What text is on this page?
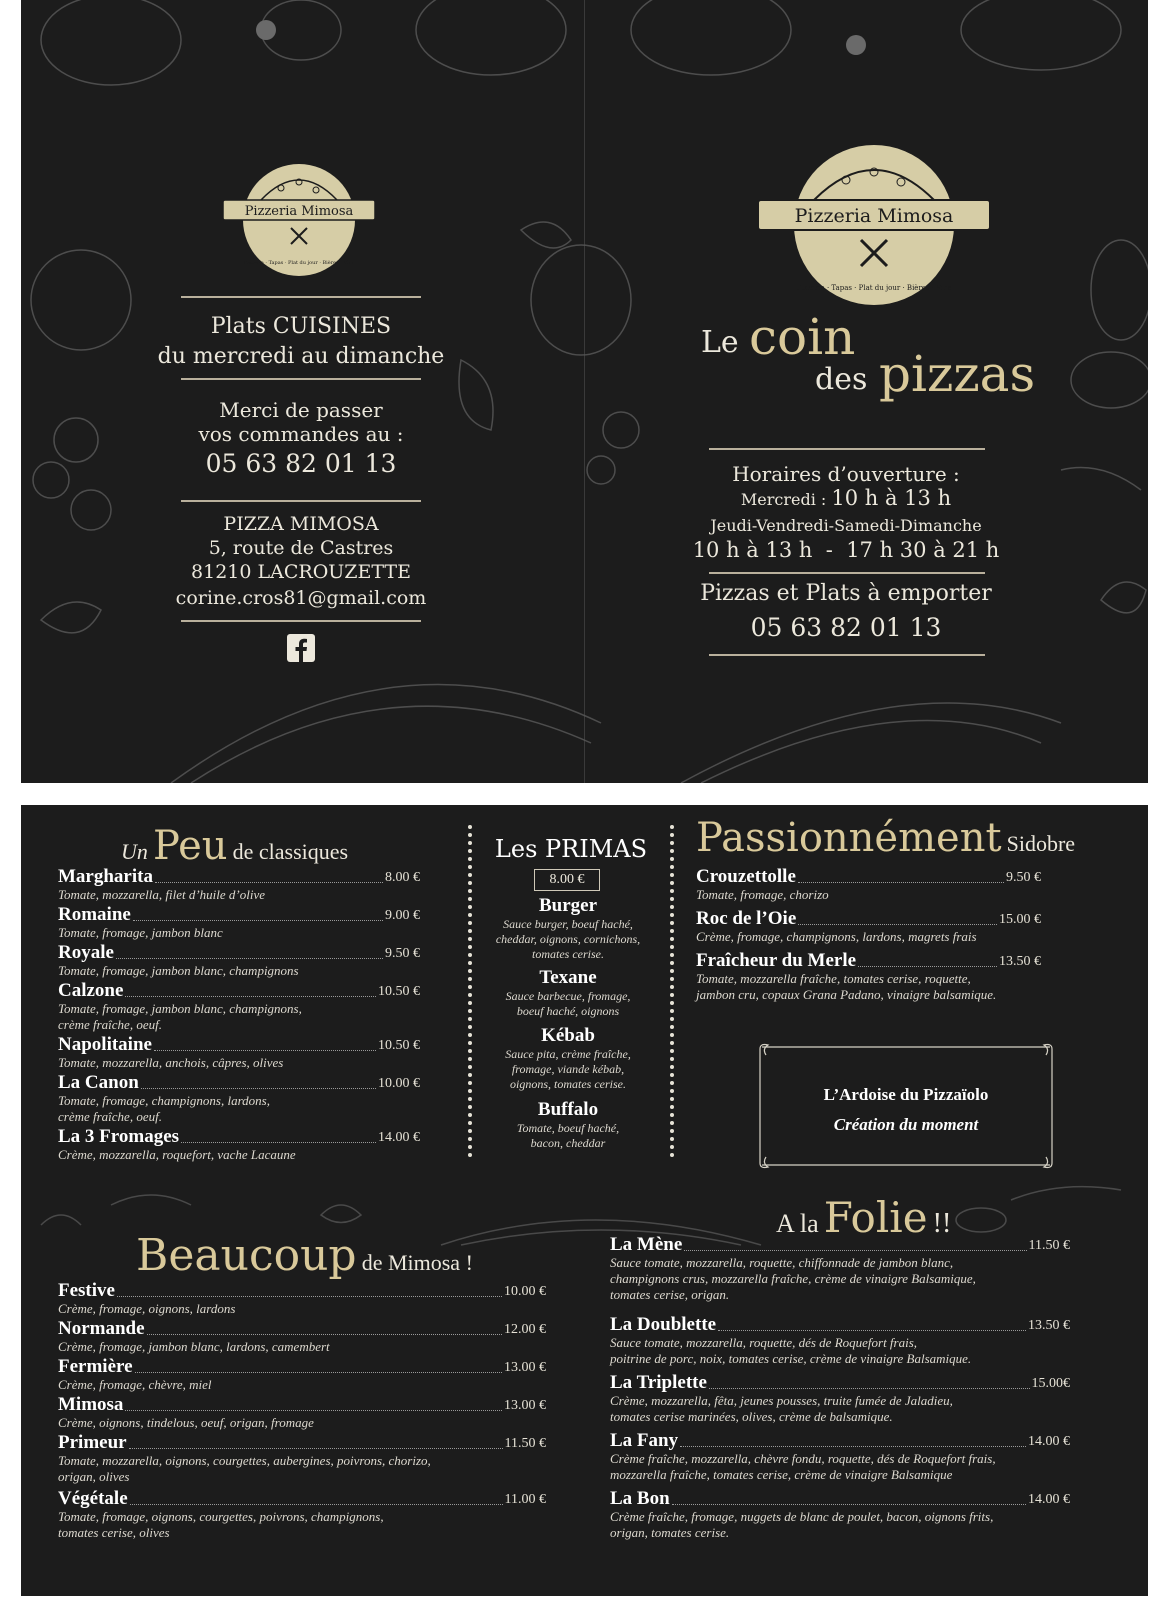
Pizzeria Mimosa
Pizzeria · Tapas · Plat du jour · Bières · Vins
Plats CUISINES
du mercredi au dimanche
Merci de passer
vos commandes au :
05 63 82 01 13
PIZZA MIMOSA
5, route de Castres
81210 LACROUZETTE
corine.cros81@gmail.com
Pizzeria Mimosa
Pizzeria · Tapas · Plat du jour · Bières · Vins
Le coin
des pizzas
Horaires d’ouverture :
Mercredi : 10 h à 13 h
Jeudi-Vendredi-Samedi-Dimanche
10 h à 13 h  -  17 h 30 à 21 h
Pizzas et Plats à emporter
05 63 82 01 13
Un Peu de classiques
Margharita	8.00 €
Tomate, mozzarella, filet d’huile d’olive
Romaine	9.00 €
Tomate, fromage, jambon blanc
Royale	9.50 €
Tomate, fromage, jambon blanc, champignons
Calzone	10.50 €
Tomate, fromage, jambon blanc, champignons,
crème fraîche, oeuf.
Napolitaine	10.50 €
Tomate, mozzarella, anchois, câpres, olives
La Canon	10.00 €
Tomate, fromage, champignons, lardons,
crème fraîche, oeuf.
La 3 Fromages	14.00 €
Crème, mozzarella, roquefort, vache Lacaune
Les PRIMAS
8.00 €
Burger
Sauce burger, boeuf haché,
cheddar, oignons, cornichons,
tomates cerise.
Texane
Sauce barbecue, fromage,
boeuf haché, oignons
Kébab
Sauce pita, crème fraîche,
fromage, viande kébab,
oignons, tomates cerise.
Buffalo
Tomate, boeuf haché,
bacon, cheddar
Passionnément Sidobre
Crouzettolle	9.50 €
Tomate, fromage, chorizo
Roc de l’Oie	15.00 €
Crème, fromage, champignons, lardons, magrets frais
Fraîcheur du Merle	13.50 €
Tomate, mozzarella fraîche, tomates cerise, roquette,
jambon cru, copaux Grana Padano, vinaigre balsamique.
L’Ardoise du Pizzaïolo
Création du moment
Beaucoup de Mimosa !
Festive	10.00 €
Crème, fromage, oignons, lardons
Normande	12.00 €
Crème, fromage, jambon blanc, lardons, camembert
Fermière	13.00 €
Crème, fromage, chèvre, miel
Mimosa	13.00 €
Crème, oignons, tindelous, oeuf, origan, fromage
Primeur	11.50 €
Tomate, mozzarella, oignons, courgettes, aubergines, poivrons, chorizo,
origan, olives
Végétale	11.00 €
Tomate, fromage, oignons, courgettes, poivrons, champignons,
tomates cerise, olives
A la Folie !!
La Mène	11.50 €
Sauce tomate, mozzarella, roquette, chiffonnade de jambon blanc,
champignons crus, mozzarella fraîche, crème de vinaigre Balsamique,
tomates cerise, origan.
La Doublette	13.50 €
Sauce tomate, mozzarella, roquette, dés de Roquefort frais,
poitrine de porc, noix, tomates cerise, crème de vinaigre Balsamique.
La Triplette	15.00€
Crème, mozzarella, fêta, jeunes pousses, truite fumée de Jaladieu,
tomates cerise marinées, olives, crème de balsamique.
La Fany	14.00 €
Crème fraîche, mozzarella, chèvre fondu, roquette, dés de Roquefort frais,
mozzarella fraîche, tomates cerise, crème de vinaigre Balsamique
La Bon	14.00 €
Crème fraîche, fromage, nuggets de blanc de poulet, bacon, oignons frits,
origan, tomates cerise.
